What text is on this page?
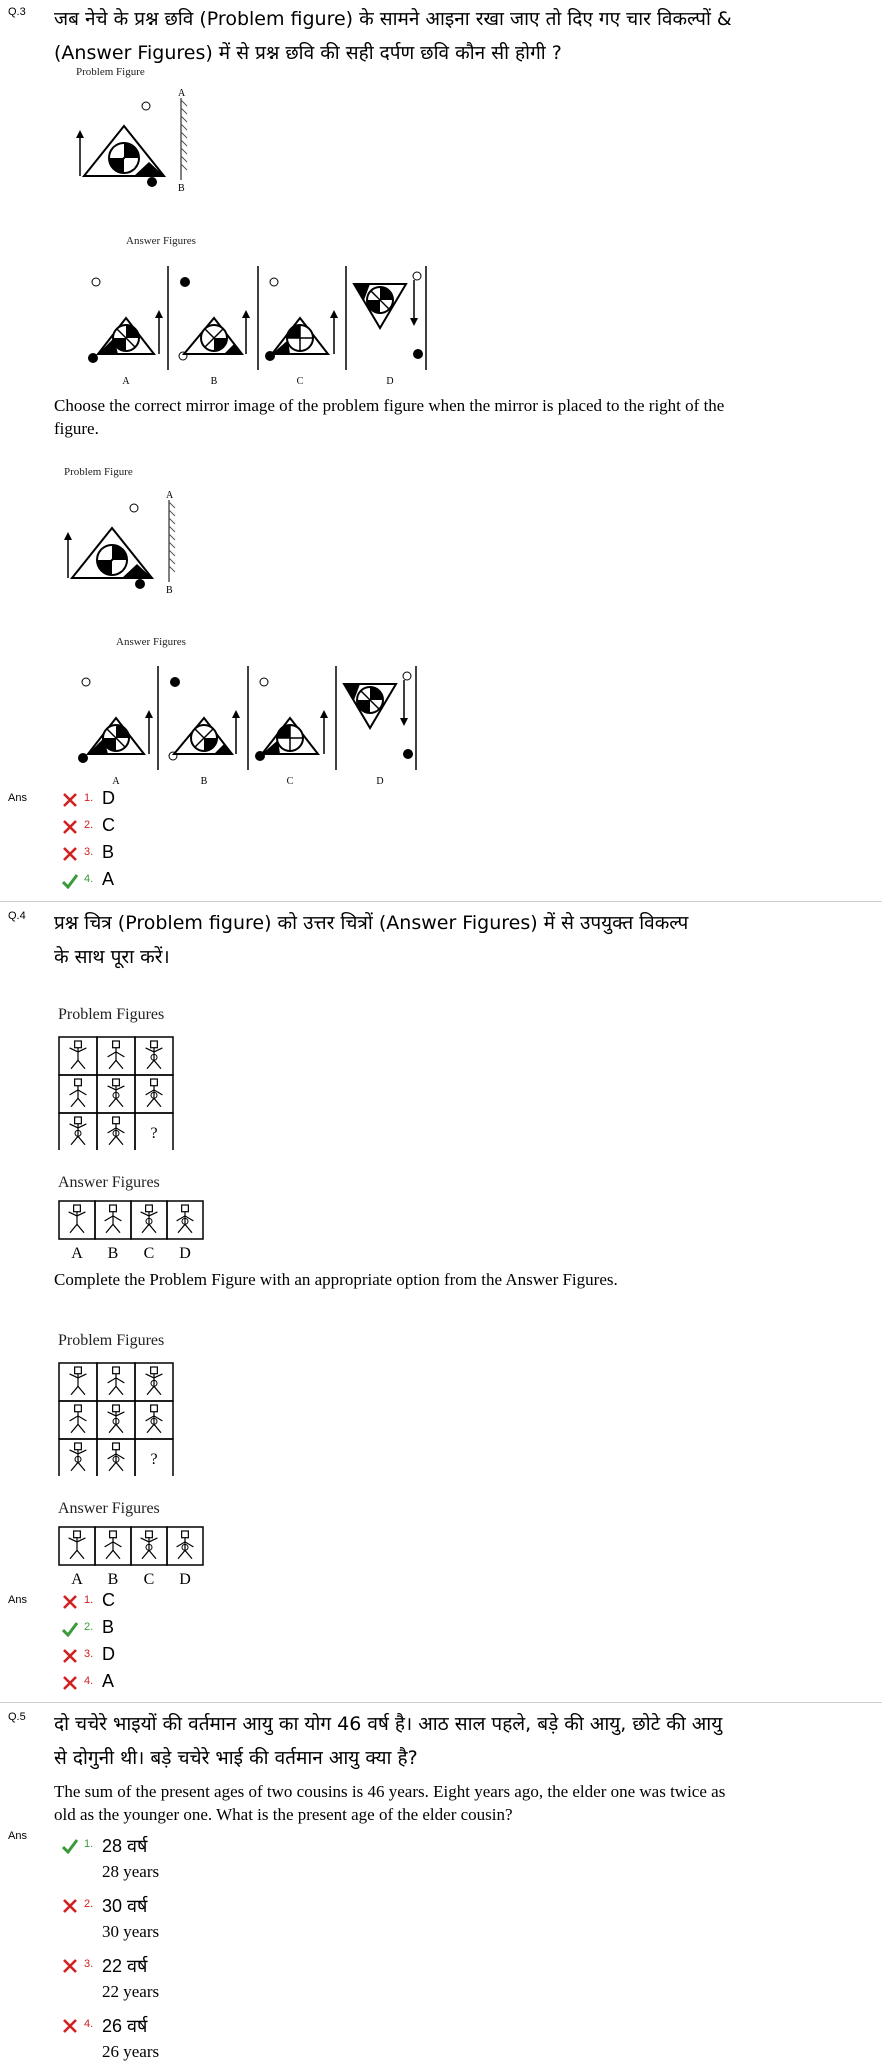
Q.3 जब नेचे के प्रश्न छवि (Problem figure) के सामने आइना रखा जाए तो दिए गए चार विकल्पों & (Answer Figures) में से प्रश्न छवि की सही दर्पण छवि कौन सी होगी ?
Problem Figure
A
B
Answer Figures
A	B	C	D
Choose the correct mirror image of the problem figure when the mirror is placed to the right of the figure.
Problem Figure
A
B
Answer Figures
A	B	C	D
Ans	1. D
2. C
3. B
4. A
Q.4 प्रश्न चित्र (Problem figure) को उत्तर चित्रों (Answer Figures) में से उपयुक्त विकल्प के साथ पूरा करें।
Problem Figures
?
Answer Figures
A B C D
Complete the Problem Figure with an appropriate option from the Answer Figures.
Problem Figures
?
Answer Figures
A B C D
Ans	1. C
2. B
3. D
4. A
Q.5 दो चचेरे भाइयों की वर्तमान आयु का योग 46 वर्ष है। आठ साल पहले, बड़े की आयु, छोटे की आयु से दोगुनी थी। बड़े चचेरे भाई की वर्तमान आयु क्या है?
The sum of the present ages of two cousins is 46 years. Eight years ago, the elder one was twice as old as the younger one. What is the present age of the elder cousin?
Ans
1. 28 वर्ष
28 years
2. 30 वर्ष
30 years
3. 22 वर्ष
22 years
4. 26 वर्ष
26 years
